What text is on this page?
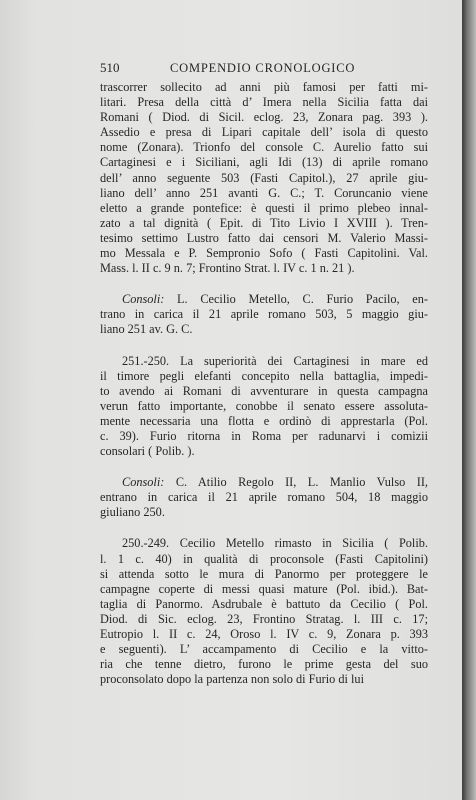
510	COMPENDIO CRONOLOGICO
trascorrer sollecito ad anni più famosi per fatti mi-
litari. Presa della città d’ Imera nella Sicilia fatta dai
Romani ( Diod. di Sicil. eclog. 23, Zonara pag. 393 ).
Assedio e presa di Lipari capitale dell’ isola di questo
nome (Zonara). Trionfo del console C. Aurelio fatto sui
Cartaginesi e i Siciliani, agli Idi (13) di aprile romano
dell’ anno seguente 503 (Fasti Capitol.), 27 aprile giu-
liano dell’ anno 251 avanti G. C.; T. Coruncanio viene
eletto a grande pontefice: è questi il primo plebeo innal-
zato a tal dignità ( Epit. di Tito Livio I XVIII ). Tren-
tesimo settimo Lustro fatto dai censori M. Valerio Massi-
mo Messala e P. Sempronio Sofo ( Fasti Capitolini. Val.
Mass. l. II c. 9 n. 7; Frontino Strat. l. IV c. 1 n. 21 ).
Consoli: L. Cecilio Metello, C. Furio Pacilo, en-
trano in carica il 21 aprile romano 503, 5 maggio giu-
liano 251 av. G. C.
251.-250. La superiorità dei Cartaginesi in mare ed
il timore pegli elefanti concepito nella battaglia, impedi-
to avendo ai Romani di avventurare in questa campagna
verun fatto importante, conobbe il senato essere assoluta-
mente necessaria una flotta e ordinò di apprestarla (Pol.
c. 39). Furio ritorna in Roma per radunarvi i comizii
consolari ( Polib. ).
Consoli: C. Atilio Regolo II, L. Manlio Vulso II,
entrano in carica il 21 aprile romano 504, 18 maggio
giuliano 250.
250.-249. Cecilio Metello rimasto in Sicilia ( Polib.
l. 1 c. 40) in qualità di proconsole (Fasti Capitolini)
si attenda sotto le mura di Panormo per proteggere le
campagne coperte di messi quasi mature (Pol. ibid.). Bat-
taglia di Panormo. Asdrubale è battuto da Cecilio ( Pol.
Diod. di Sic. eclog. 23, Frontino Stratag. l. III c. 17;
Eutropio l. II c. 24, Oroso l. IV c. 9, Zonara p. 393
e seguenti). L’ accampamento di Cecilio e la vitto-
ria che tenne dietro, furono le prime gesta del suo
proconsolato dopo la partenza non solo di Furio di lui
